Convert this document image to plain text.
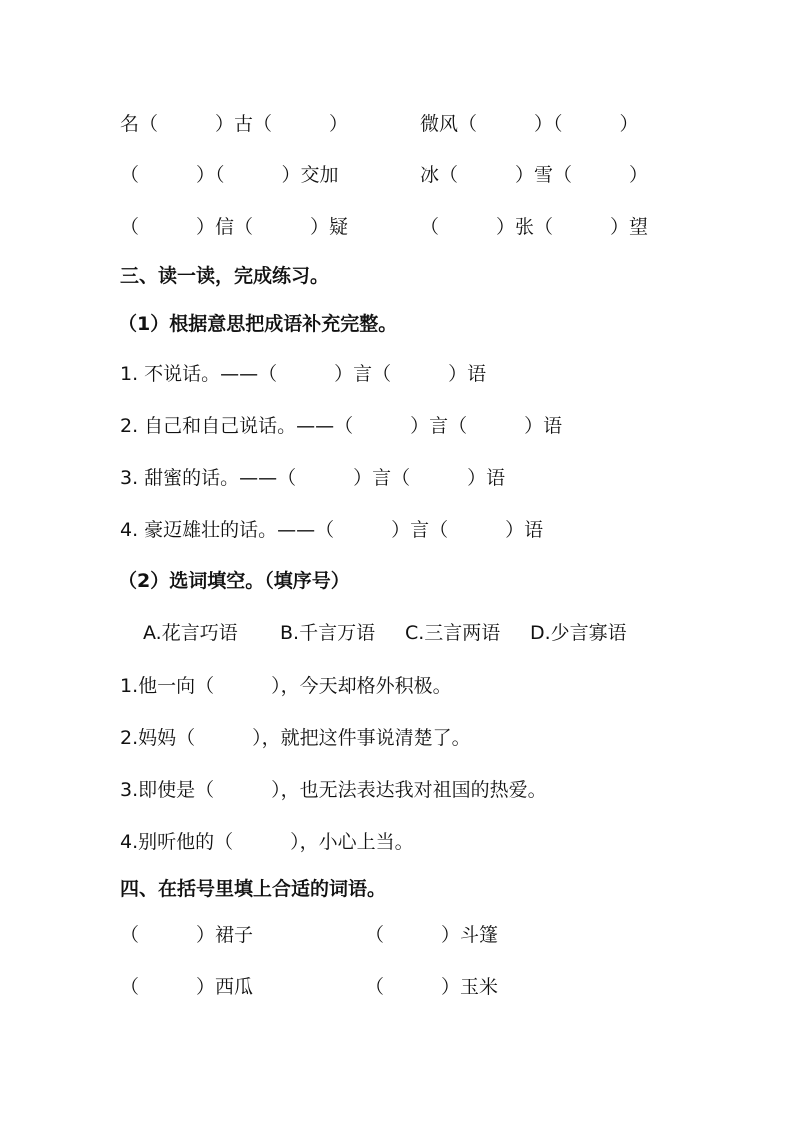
名（　　　）古（　　　）	微风（　　　）（　　　）
（　　　）（　　　）交加	冰（　　　）雪（　　　）
（　　　）信（　　　）疑	（　　　）张（　　　）望
三、读一读，完成练习。
（1）根据意思把成语补充完整。
1. 不说话。——（　　　）言（　　　）语
2. 自己和自己说话。——（　　　）言（　　　）语
3. 甜蜜的话。——（　　　）言（　　　）语
4. 豪迈雄壮的话。——（　　　）言（　　　）语
（2）选词填空。（填序号）
A.花言巧语 B.千言万语 C.三言两语 D.少言寡语
1.他一向（　　　），今天却格外积极。
2.妈妈（　　　），就把这件事说清楚了。
3.即使是（　　　），也无法表达我对祖国的热爱。
4.别听他的（　　　），小心上当。
四、在括号里填上合适的词语。
（　　　）裙子	（　　　）斗篷
（　　　）西瓜	（　　　）玉米
